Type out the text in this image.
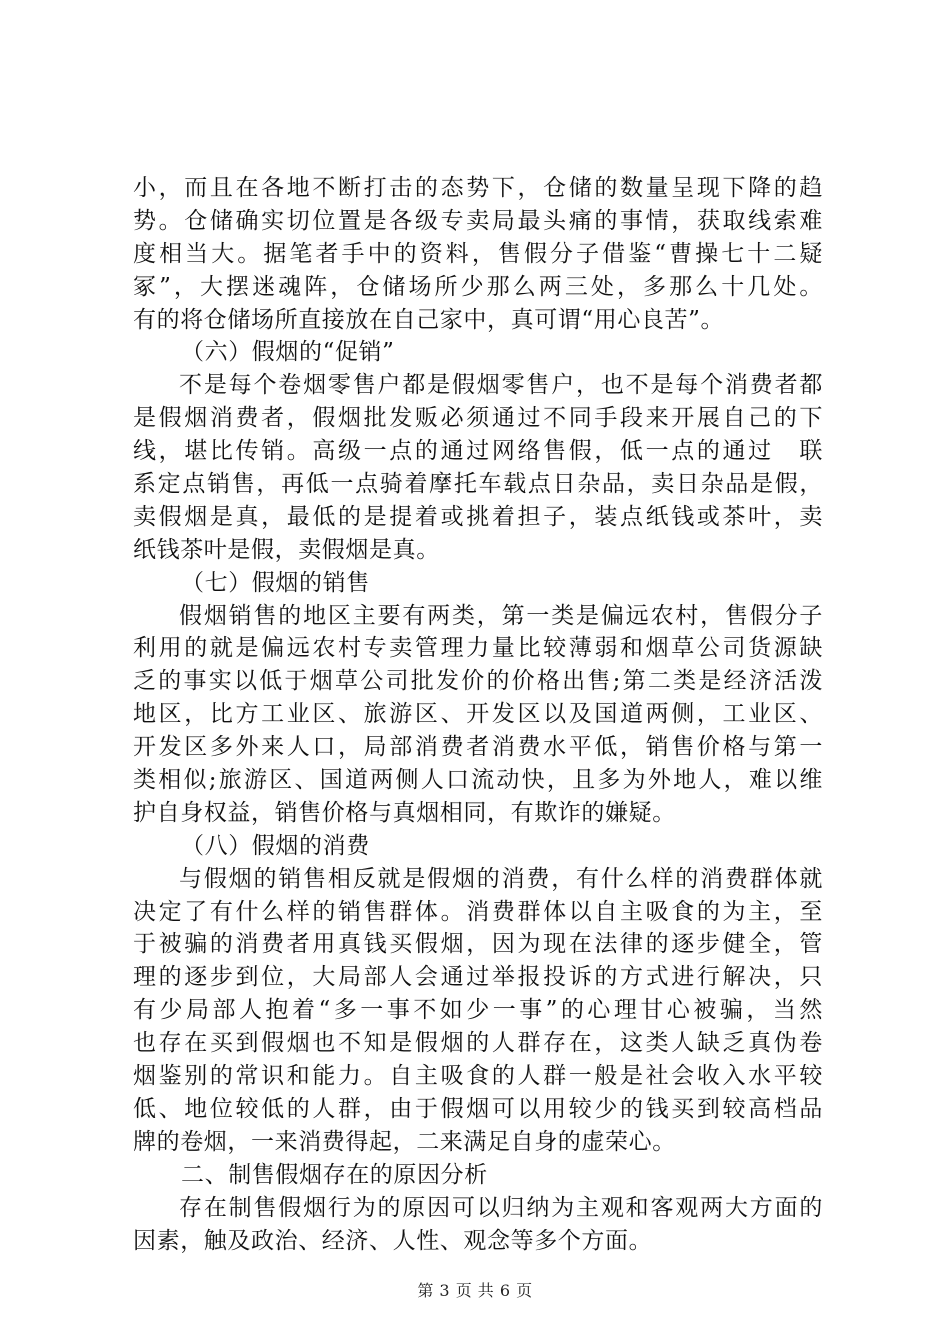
小，而且在各地不断打击的态势下，仓储的数量呈现下降的趋
势。仓储确实切位置是各级专卖局最头痛的事情，获取线索难
度相当大。据笔者手中的资料，售假分子借鉴“曹操七十二疑
冢”，大摆迷魂阵，仓储场所少那么两三处，多那么十几处。
有的将仓储场所直接放在自己家中，真可谓“用心良苦”。
（六）假烟的“促销”
不是每个卷烟零售户都是假烟零售户，也不是每个消费者都
是假烟消费者，假烟批发贩必须通过不同手段来开展自己的下
线，堪比传销。高级一点的通过网络售假，低一点的通过　联
系定点销售，再低一点骑着摩托车载点日杂品，卖日杂品是假，
卖假烟是真，最低的是提着或挑着担子，装点纸钱或茶叶，卖
纸钱茶叶是假，卖假烟是真。
（七）假烟的销售
假烟销售的地区主要有两类，第一类是偏远农村，售假分子
利用的就是偏远农村专卖管理力量比较薄弱和烟草公司货源缺
乏的事实以低于烟草公司批发价的价格出售;第二类是经济活泼
地区，比方工业区、旅游区、开发区以及国道两侧，工业区、
开发区多外来人口，局部消费者消费水平低，销售价格与第一
类相似;旅游区、国道两侧人口流动快，且多为外地人，难以维
护自身权益，销售价格与真烟相同，有欺诈的嫌疑。
（八）假烟的消费
与假烟的销售相反就是假烟的消费，有什么样的消费群体就
决定了有什么样的销售群体。消费群体以自主吸食的为主，至
于被骗的消费者用真钱买假烟，因为现在法律的逐步健全，管
理的逐步到位，大局部人会通过举报投诉的方式进行解决，只
有少局部人抱着“多一事不如少一事”的心理甘心被骗，当然
也存在买到假烟也不知是假烟的人群存在，这类人缺乏真伪卷
烟鉴别的常识和能力。自主吸食的人群一般是社会收入水平较
低、地位较低的人群，由于假烟可以用较少的钱买到较高档品
牌的卷烟，一来消费得起，二来满足自身的虚荣心。
二、制售假烟存在的原因分析
存在制售假烟行为的原因可以归纳为主观和客观两大方面的
因素，触及政治、经济、人性、观念等多个方面。
第 3 页 共 6 页
